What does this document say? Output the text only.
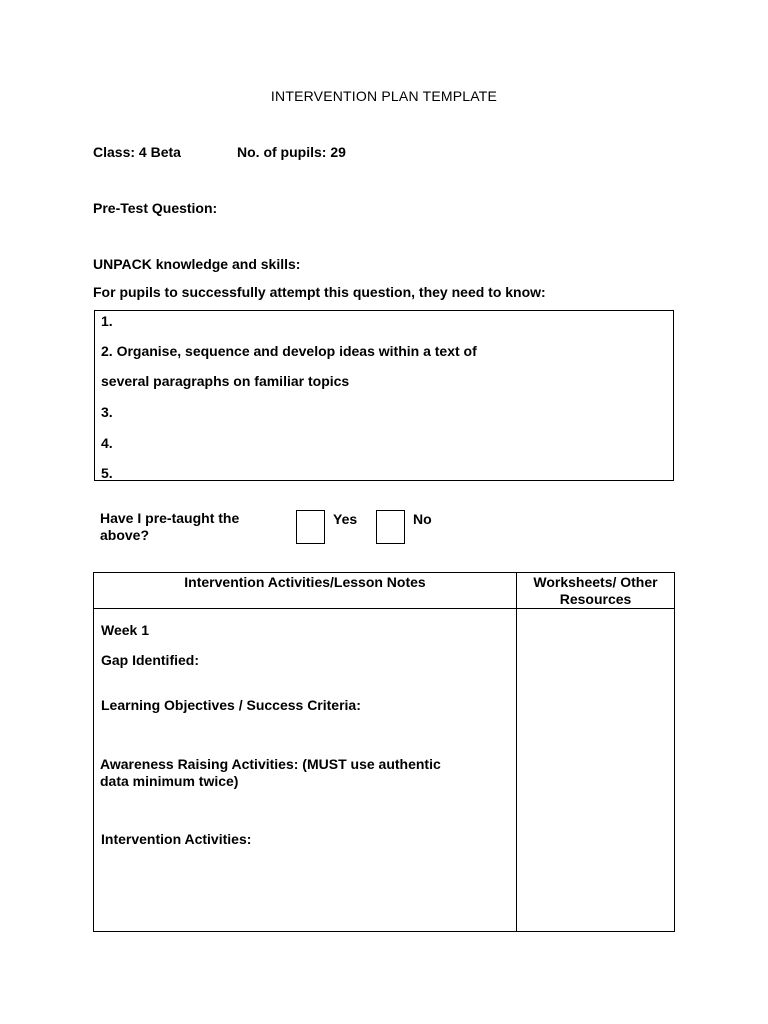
INTERVENTION PLAN TEMPLATE
Class: 4 Beta	No. of pupils: 29
Pre-Test Question:
UNPACK knowledge and skills:
For pupils to successfully attempt this question, they need to know:
1.
2. Organise, sequence and develop ideas within a text of
several paragraphs on familiar topics
3.
4.
5.
Have I pre-taught the above?
Yes	No
Intervention Activities/Lesson Notes	Worksheets/ Other Resources
Week 1
Gap Identified:
Learning Objectives / Success Criteria:
Awareness Raising Activities: (MUST use authentic
data minimum twice)
Intervention Activities:
